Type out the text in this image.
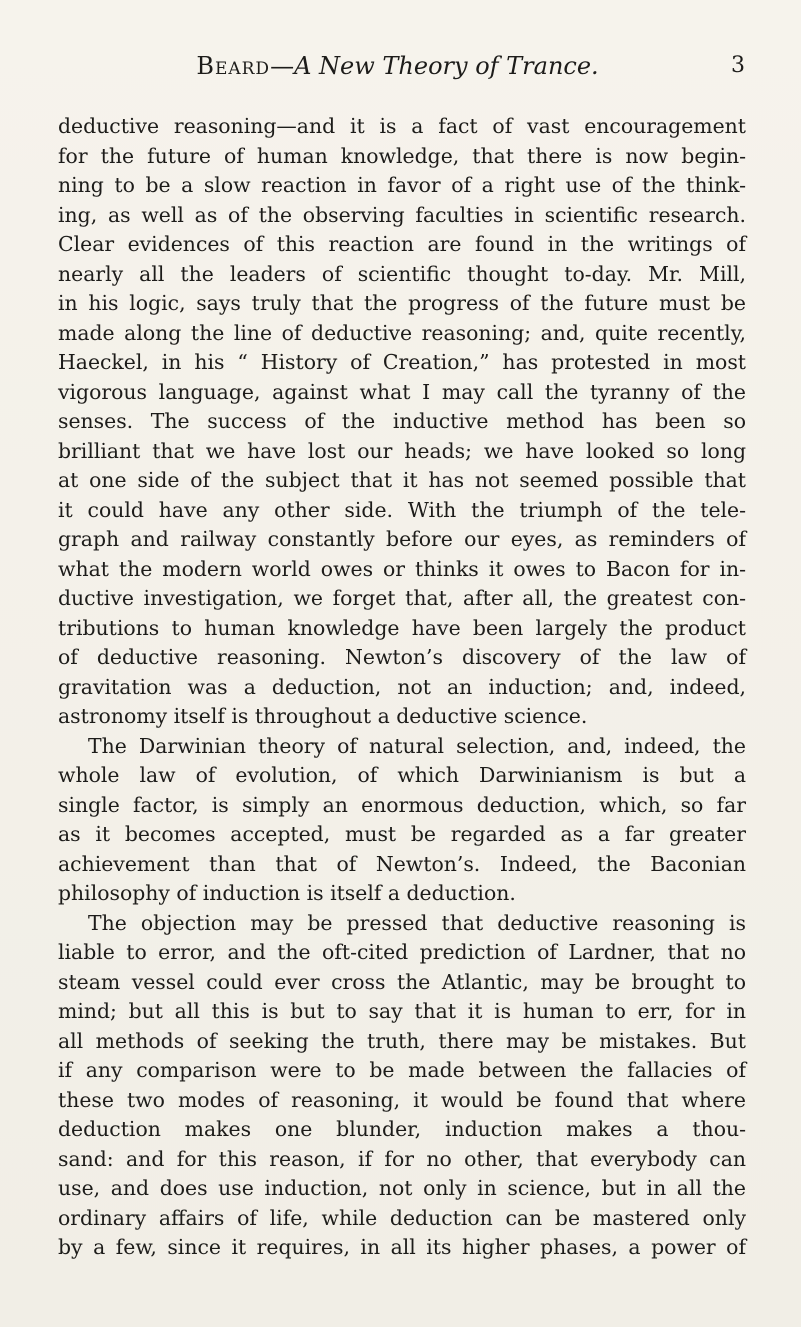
Beard—A New Theory of Trance.	3
deductive reasoning—and it is a fact of vast encouragement
for the future of human knowledge, that there is now begin-
ning to be a slow reaction in favor of a right use of the think-
ing, as well as of the observing faculties in scientific research.
Clear evidences of this reaction are found in the writings of
nearly all the leaders of scientific thought to-day. Mr. Mill,
in his logic, says truly that the progress of the future must be
made along the line of deductive reasoning; and, quite recently,
Haeckel, in his “ History of Creation,” has protested in most
vigorous language, against what I may call the tyranny of the
senses. The success of the inductive method has been so
brilliant that we have lost our heads; we have looked so long
at one side of the subject that it has not seemed possible that
it could have any other side. With the triumph of the tele-
graph and railway constantly before our eyes, as reminders of
what the modern world owes or thinks it owes to Bacon for in-
ductive investigation, we forget that, after all, the greatest con-
tributions to human knowledge have been largely the product
of deductive reasoning. Newton’s discovery of the law of
gravitation was a deduction, not an induction; and, indeed,
astronomy itself is throughout a deductive science.
The Darwinian theory of natural selection, and, indeed, the
whole law of evolution, of which Darwinianism is but a
single factor, is simply an enormous deduction, which, so far
as it becomes accepted, must be regarded as a far greater
achievement than that of Newton’s. Indeed, the Baconian
philosophy of induction is itself a deduction.
The objection may be pressed that deductive reasoning is
liable to error, and the oft-cited prediction of Lardner, that no
steam vessel could ever cross the Atlantic, may be brought to
mind; but all this is but to say that it is human to err, for in
all methods of seeking the truth, there may be mistakes. But
if any comparison were to be made between the fallacies of
these two modes of reasoning, it would be found that where
deduction makes one blunder, induction makes a thou-
sand: and for this reason, if for no other, that everybody can
use, and does use induction, not only in science, but in all the
ordinary affairs of life, while deduction can be mastered only
by a few, since it requires, in all its higher phases, a power of
